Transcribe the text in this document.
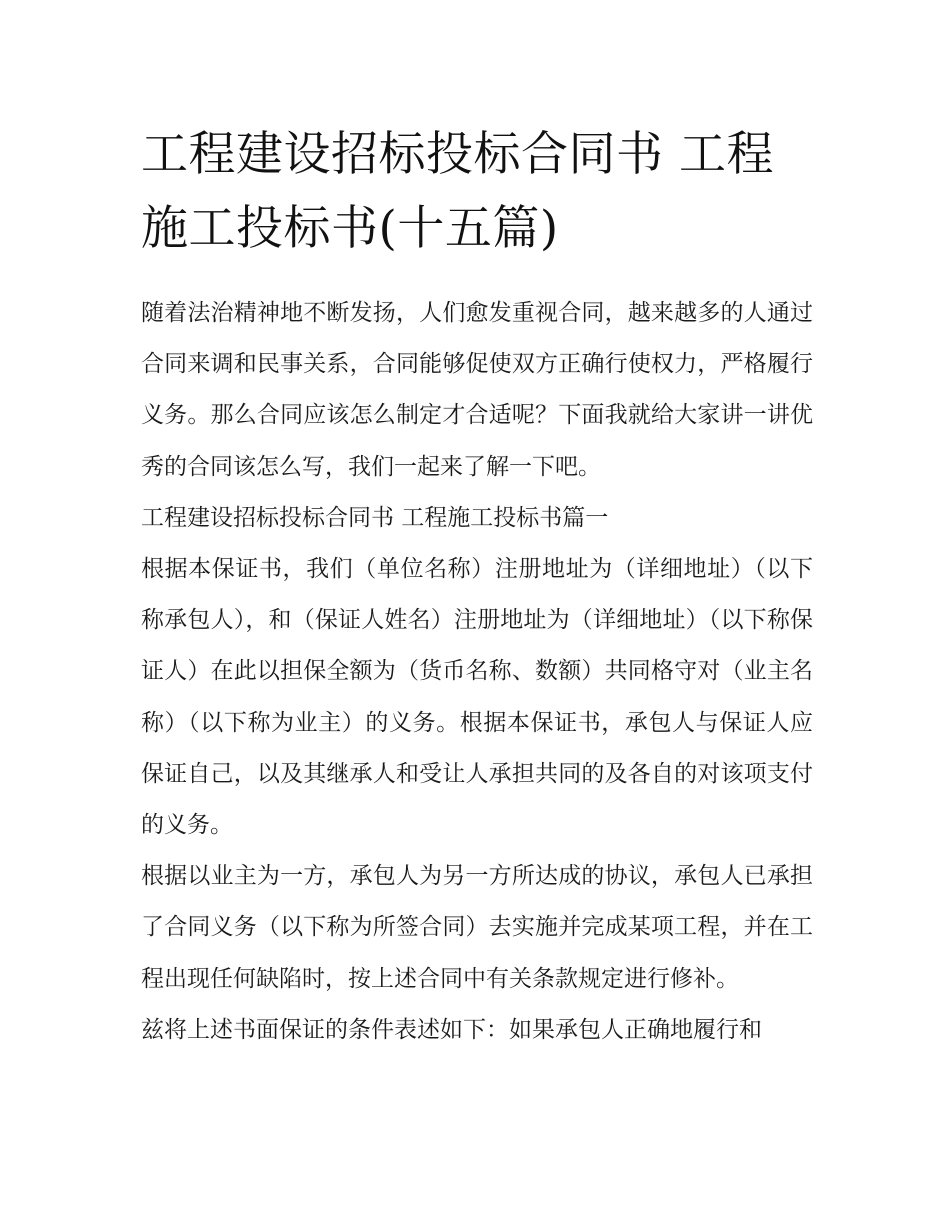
工程建设招标投标合同书 工程施工投标书(十五篇)

随着法治精神地不断发扬，人们愈发重视合同，越来越多的人通过合同来调和民事关系，合同能够促使双方正确行使权力，严格履行义务。那么合同应该怎么制定才合适呢？下面我就给大家讲一讲优秀的合同该怎么写，我们一起来了解一下吧。

工程建设招标投标合同书 工程施工投标书篇一

根据本保证书，我们（单位名称）注册地址为（详细地址）（以下称承包人），和（保证人姓名）注册地址为（详细地址）（以下称保证人）在此以担保全额为（货币名称、数额）共同格守对（业主名称）（以下称为业主）的义务。根据本保证书，承包人与保证人应保证自己，以及其继承人和受让人承担共同的及各自的对该项支付的义务。

根据以业主为一方，承包人为另一方所达成的协议，承包人已承担了合同义务（以下称为所签合同）去实施并完成某项工程，并在工程出现任何缺陷时，按上述合同中有关条款规定进行修补。

兹将上述书面保证的条件表述如下：如果承包人正确地履行和
